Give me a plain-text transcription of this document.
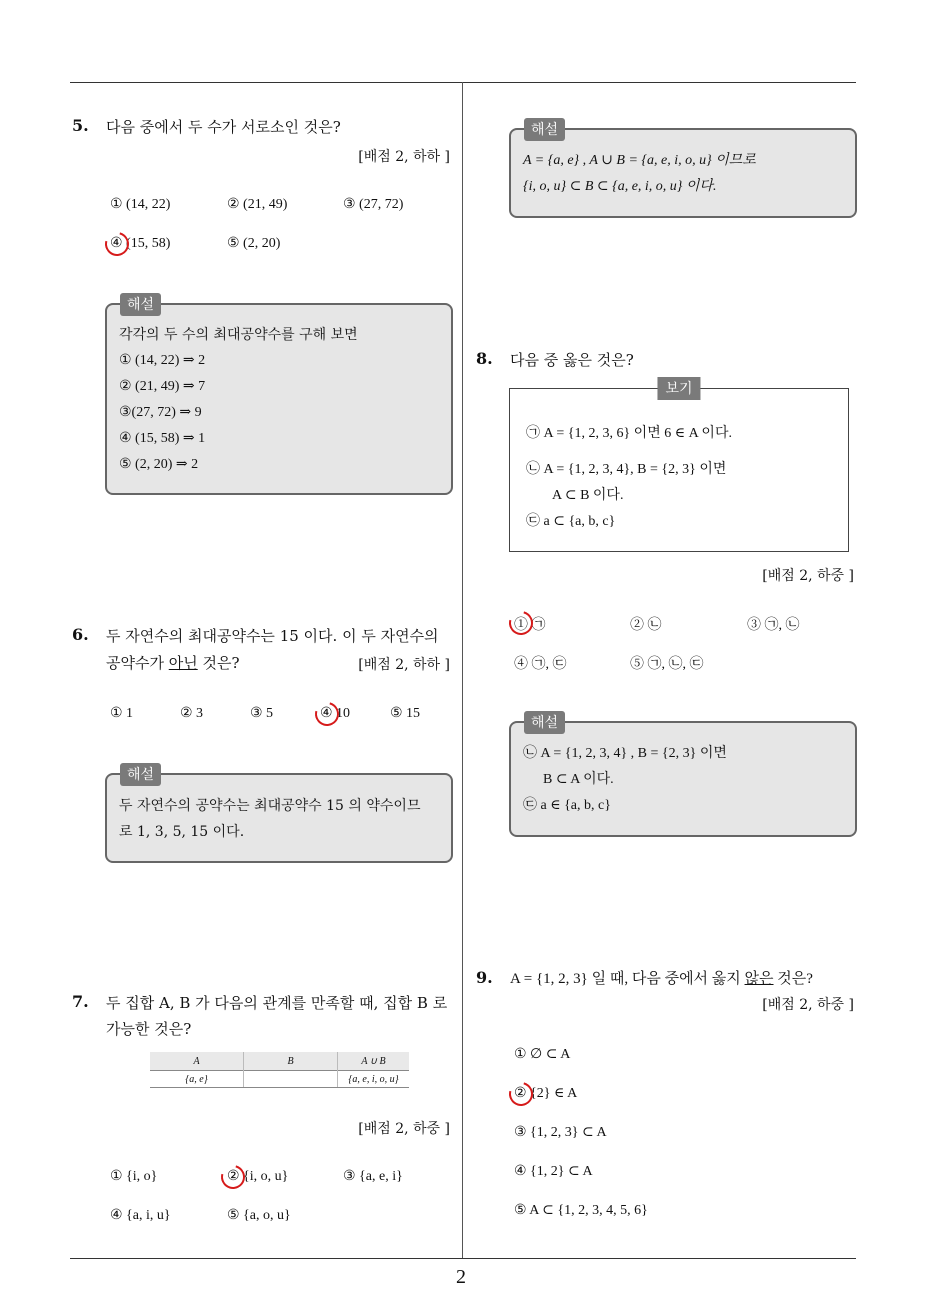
5. 다음 중에서 두 수가 서로소인 것은?
[배점 2, 하하 ]
① (14, 22)	② (21, 49)	③ (27, 72)
④ (15, 58)	⑤ (2, 20)
해설
각각의 두 수의 최대공약수를 구해 보면
① (14, 22) ⇒ 2
② (21, 49) ⇒ 7
③(27, 72) ⇒ 9
④ (15, 58) ⇒ 1
⑤ (2, 20) ⇒ 2
6. 두 자연수의 최대공약수는 15 이다. 이 두 자연수의
공약수가 아닌 것은?	[배점 2, 하하 ]
① 1	② 3	③ 5	④ 10	⑤ 15
해설
두 자연수의 공약수는 최대공약수 15 의 약수이므
로 1, 3, 5, 15 이다.
7. 두 집합 A, B 가 다음의 관계를 만족할 때, 집합 B 로
가능한 것은?
A	B	A ∪ B
{a, e}		{a, e, i, o, u}
[배점 2, 하중 ]
① {i, o}	② {i, o, u}	③ {a, e, i}
④ {a, i, u}	⑤ {a, o, u}
해설
A = {a, e} , A ∪ B = {a, e, i, o, u} 이므로
{i, o, u} ⊂ B ⊂ {a, e, i, o, u} 이다.
8. 다음 중 옳은 것은?
보기
㉠ A = {1, 2, 3, 6} 이면 6 ∈ A 이다.
㉡ A = {1, 2, 3, 4}, B = {2, 3} 이면
A ⊂ B 이다.
㉢ a ⊂ {a, b, c}
[배점 2, 하중 ]
① ㉠	② ㉡	③ ㉠, ㉡
④ ㉠, ㉢	⑤ ㉠, ㉡, ㉢
해설
㉡ A = {1, 2, 3, 4} , B = {2, 3} 이면
B ⊂ A 이다.
㉢ a ∈ {a, b, c}
9. A = {1, 2, 3} 일 때, 다음 중에서 옳지 않은 것은?
[배점 2, 하중 ]
① ∅ ⊂ A
② {2} ∈ A
③ {1, 2, 3} ⊂ A
④ {1, 2} ⊂ A
⑤ A ⊂ {1, 2, 3, 4, 5, 6}
2
